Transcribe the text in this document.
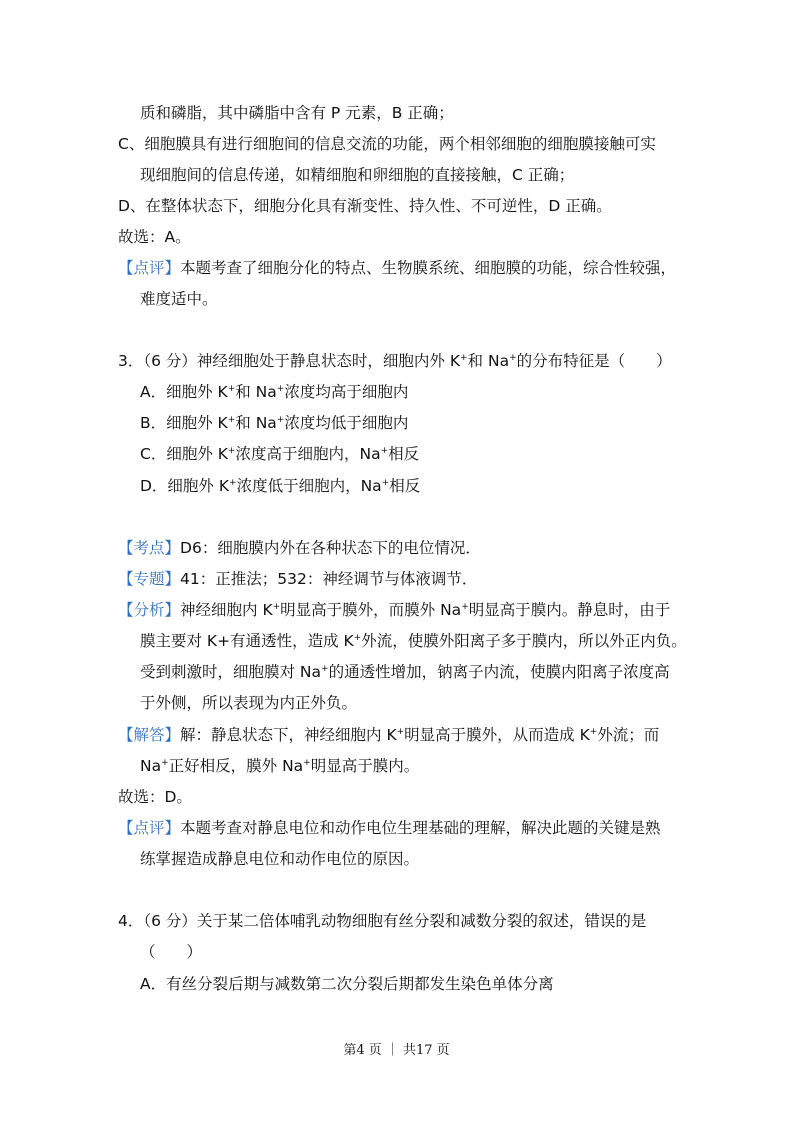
质和磷脂，其中磷脂中含有 P 元素，B 正确；
C、细胞膜具有进行细胞间的信息交流的功能，两个相邻细胞的细胞膜接触可实
现细胞间的信息传递，如精细胞和卵细胞的直接接触，C 正确；
D、在整体状态下，细胞分化具有渐变性、持久性、不可逆性，D 正确。
故选：A。
【点评】本题考查了细胞分化的特点、生物膜系统、细胞膜的功能，综合性较强，
难度适中。
3．（6 分）神经细胞处于静息状态时，细胞内外 K+和 Na+的分布特征是（　　）
A．细胞外 K+和 Na+浓度均高于细胞内
B．细胞外 K+和 Na+浓度均低于细胞内
C．细胞外 K+浓度高于细胞内，Na+相反
D．细胞外 K+浓度低于细胞内，Na+相反
【考点】D6：细胞膜内外在各种状态下的电位情况．
【专题】41：正推法；532：神经调节与体液调节．
【分析】神经细胞内 K+明显高于膜外，而膜外 Na+明显高于膜内。静息时，由于
膜主要对 K+有通透性，造成 K+外流，使膜外阳离子多于膜内，所以外正内负。
受到刺激时，细胞膜对 Na+的通透性增加，钠离子内流，使膜内阳离子浓度高
于外侧，所以表现为内正外负。
【解答】解：静息状态下，神经细胞内 K+明显高于膜外，从而造成 K+外流；而
Na+正好相反，膜外 Na+明显高于膜内。
故选：D。
【点评】本题考查对静息电位和动作电位生理基础的理解，解决此题的关键是熟
练掌握造成静息电位和动作电位的原因。
4．（6 分）关于某二倍体哺乳动物细胞有丝分裂和减数分裂的叙述，错误的是
（　　）
A．有丝分裂后期与减数第二次分裂后期都发生染色单体分离
第4 页 ｜ 共17 页
